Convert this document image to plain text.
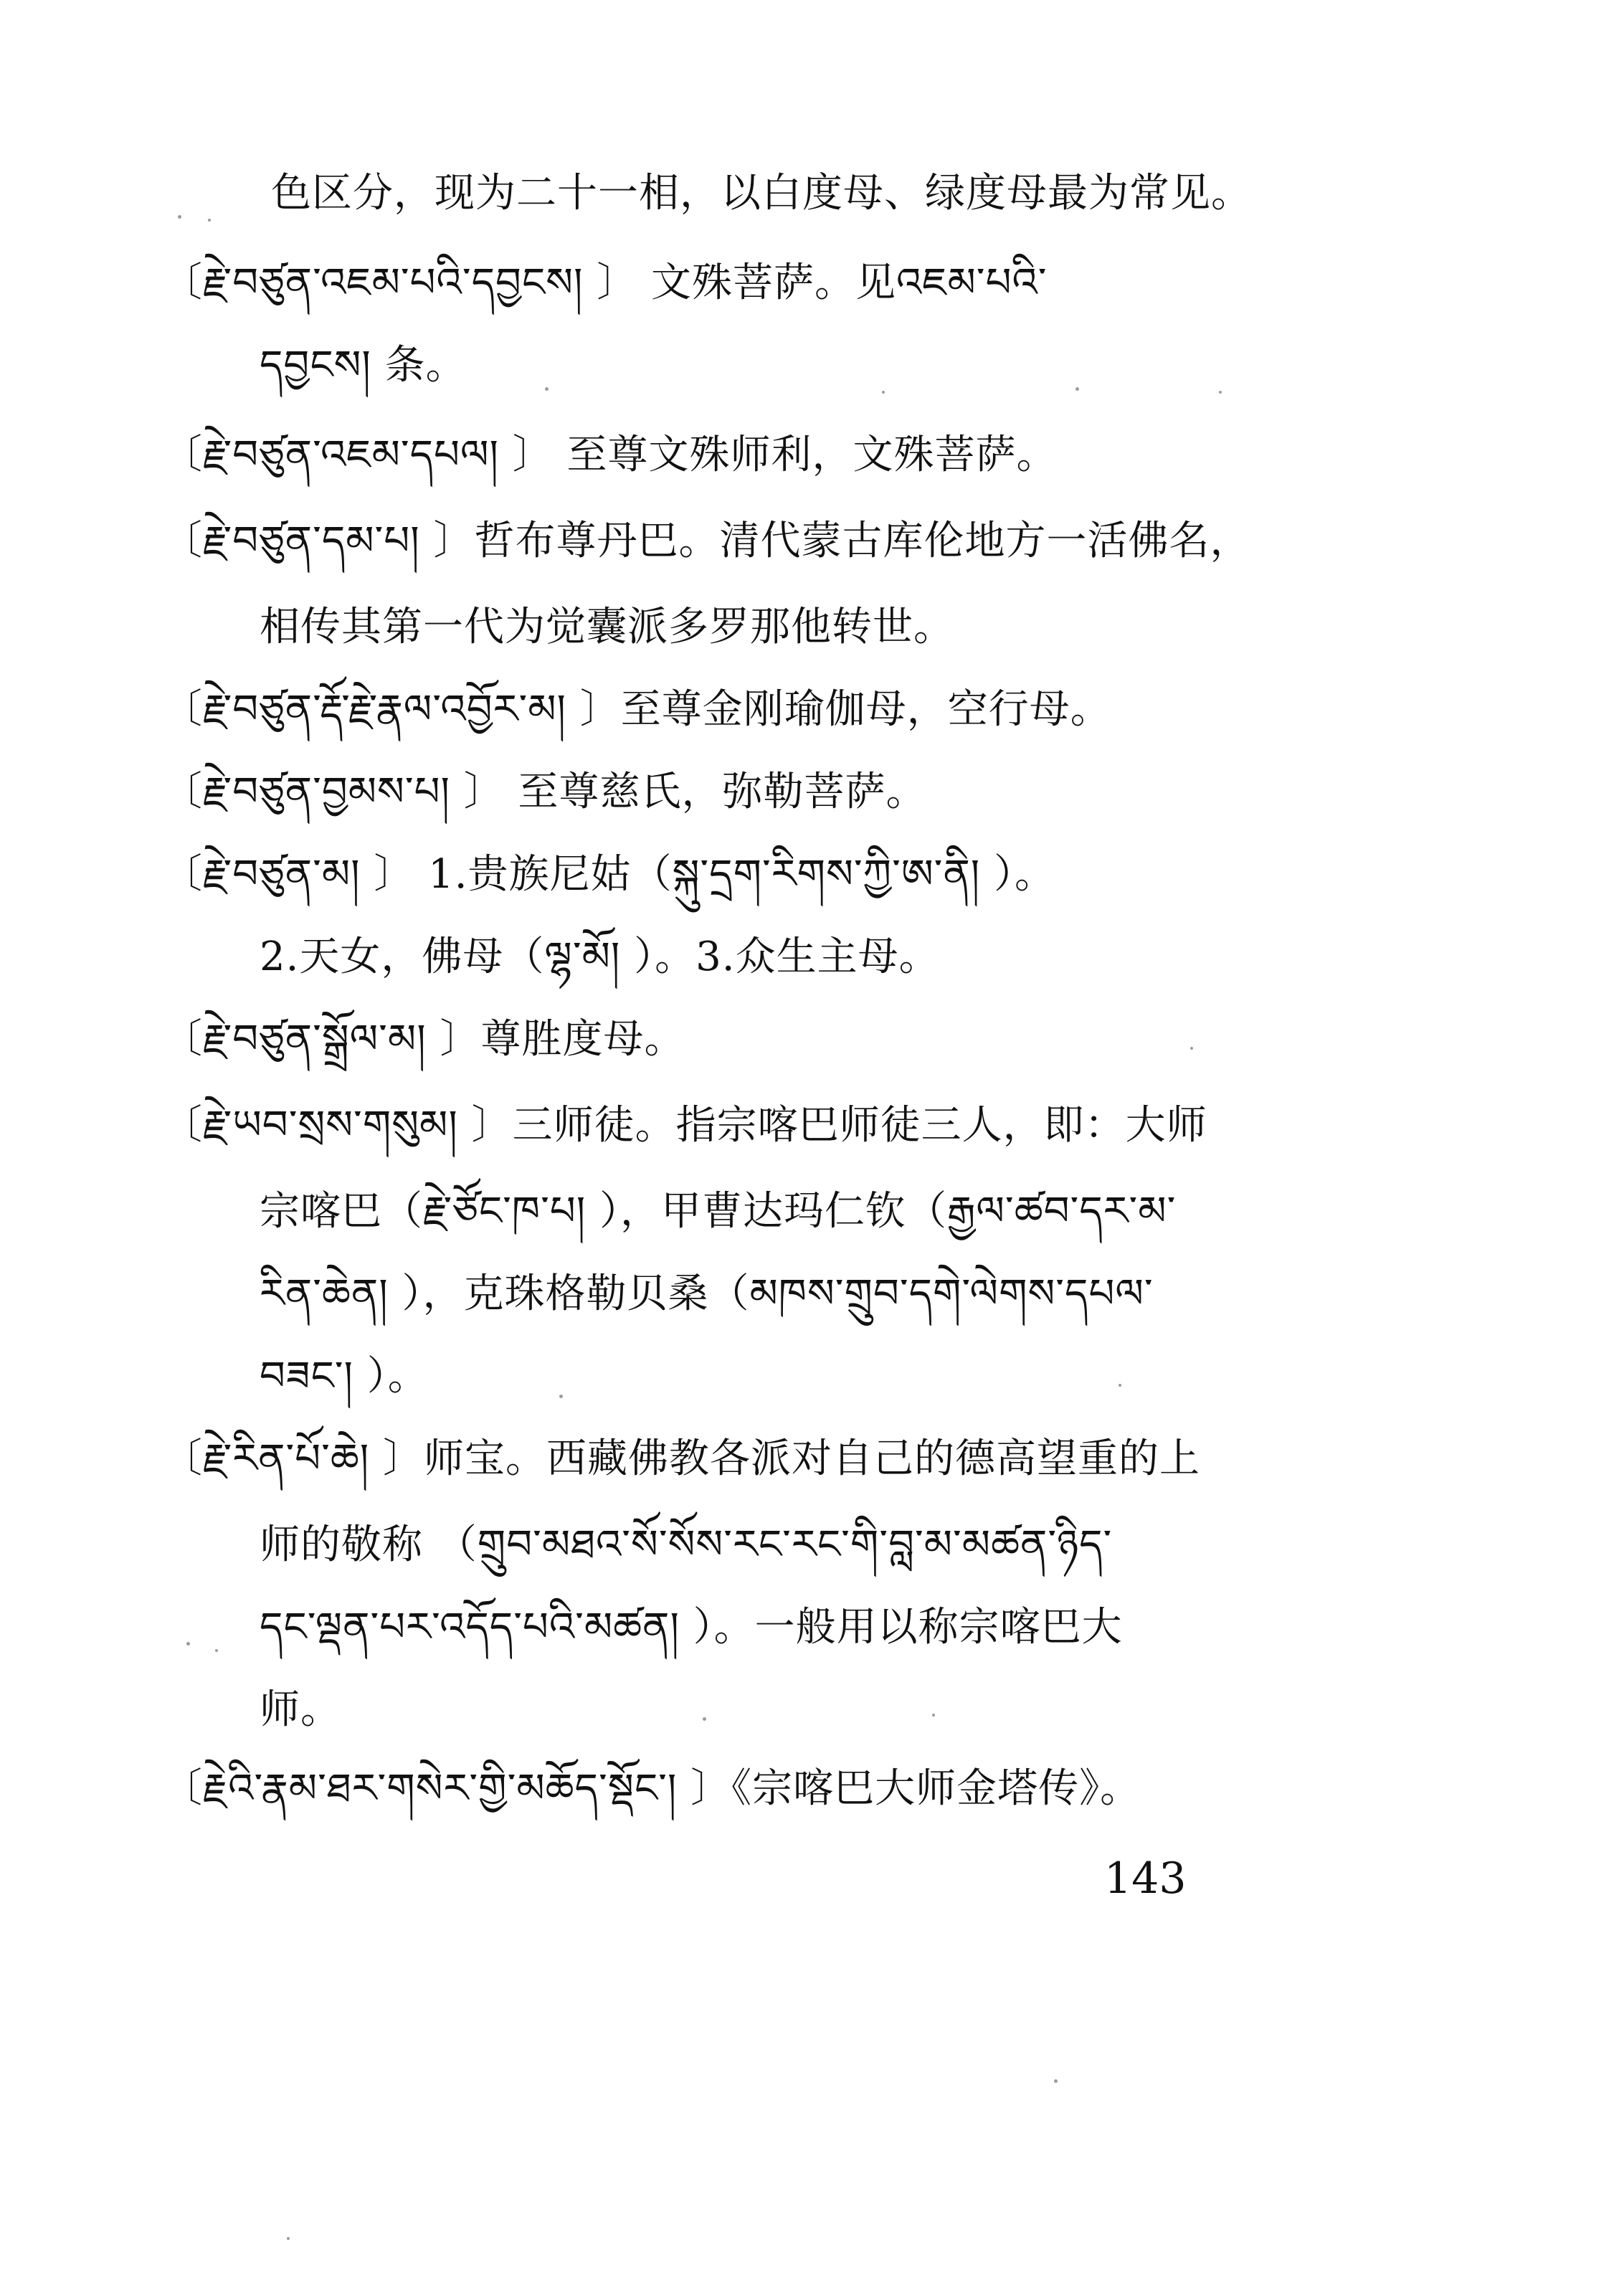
色区分，现为二十一相，以白度母、绿度母最为常见。
〔རྗེ་བཙུན་འཇམ་པའི་དབྱངས། 〕 文殊菩萨。见འཇམ་པའི་
དབྱངས། 条。
〔རྗེ་བཙུན་འཇམ་དཔལ། 〕 至尊文殊师利，文殊菩萨。
〔རྗེ་བཙུན་དམ་པ། 〕哲布尊丹巴。清代蒙古库伦地方一活佛名，
相传其第一代为觉囊派多罗那他转世。
〔རྗེ་བཙུན་རྡོ་རྗེ་རྣལ་འབྱོར་མ། 〕至尊金刚瑜伽母，空行母。
〔རྗེ་བཙུན་བྱམས་པ། 〕 至尊慈氏，弥勒菩萨。
〔རྗེ་བཙུན་མ། 〕 1.贵族尼姑（སྐུ་དྲག་རིགས་ཀྱི་ཨ་ནི། ）。
2.天女，佛母（ལྷ་མོ། ）。3.众生主母。
〔རྗེ་བཙུན་སྒྲོལ་མ། 〕尊胜度母。
〔རྗེ་ཡབ་སྲས་གསུམ། 〕三师徒。指宗喀巴师徒三人，即：大师
宗喀巴（རྗེ་ཙོང་ཁ་པ། ），甲曹达玛仁钦（རྒྱལ་ཚབ་དར་མ་
རིན་ཆེན། ），克珠格勒贝桑（མཁས་གྲུབ་དགེ་ལེགས་དཔལ་
བཟང་། ）。
〔རྗེ་རིན་པོ་ཆེ། 〕师宝。西藏佛教各派对自己的德高望重的上
师的敬称 （གྲུབ་མཐའ་སོ་སོས་རང་རང་གི་བླ་མ་མཚན་ཉིད་
དང་ལྡན་པར་འདོད་པའི་མཚན། ）。一般用以称宗喀巴大
师。
〔རྗེའི་རྣམ་ཐར་གསེར་གྱི་མཆོད་སྡོང་། 〕《宗喀巴大师金塔传》。
143
